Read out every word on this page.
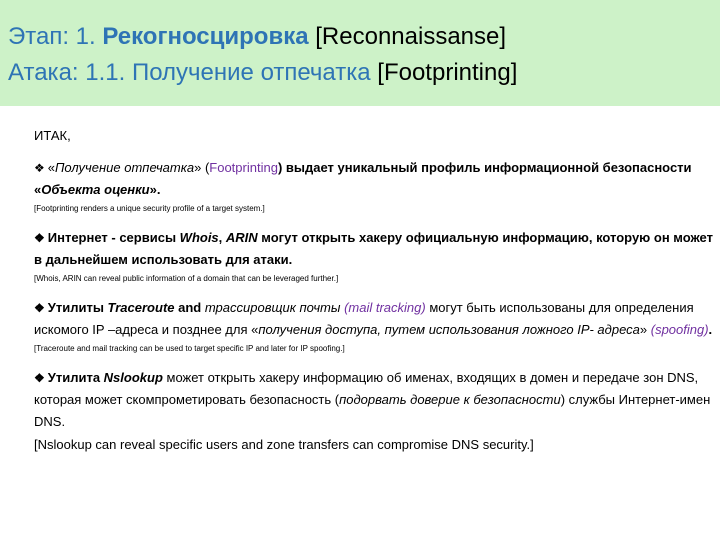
Этап: 1. Рекогносцировка [Reconnaissanse]
Атака: 1.1. Получение отпечатка [Footprinting]

ИТАК,

❖ «Получение отпечатка» (Footprinting) выдает уникальный профиль информационной безопасности «Объекта оценки».

[Footprinting renders a unique security profile of a target system.]

❖ Интернет - сервисы Whois, ARIN могут открыть хакеру официальную информацию, которую он может в дальнейшем использовать для атаки.

[Whois, ARIN can reveal public information of a domain that can be leveraged further.]

❖ Утилиты Traceroute and трассировщик почты (mail tracking) могут быть использованы для определения искомого IP –адреса и позднее для «получения доступа, путем использования ложного IP- адреса» (spoofing).

[Traceroute and mail tracking can be used to target specific IP and later for IP spoofing.]

❖ Утилита Nslookup может открыть хакеру информацию об именах, входящих в домен и передаче зон DNS, которая может скомпрометировать безопасность (подорвать доверие к безопасности) службы Интернет-имен DNS.

[Nslookup can reveal specific users and zone transfers can compromise DNS security.]
